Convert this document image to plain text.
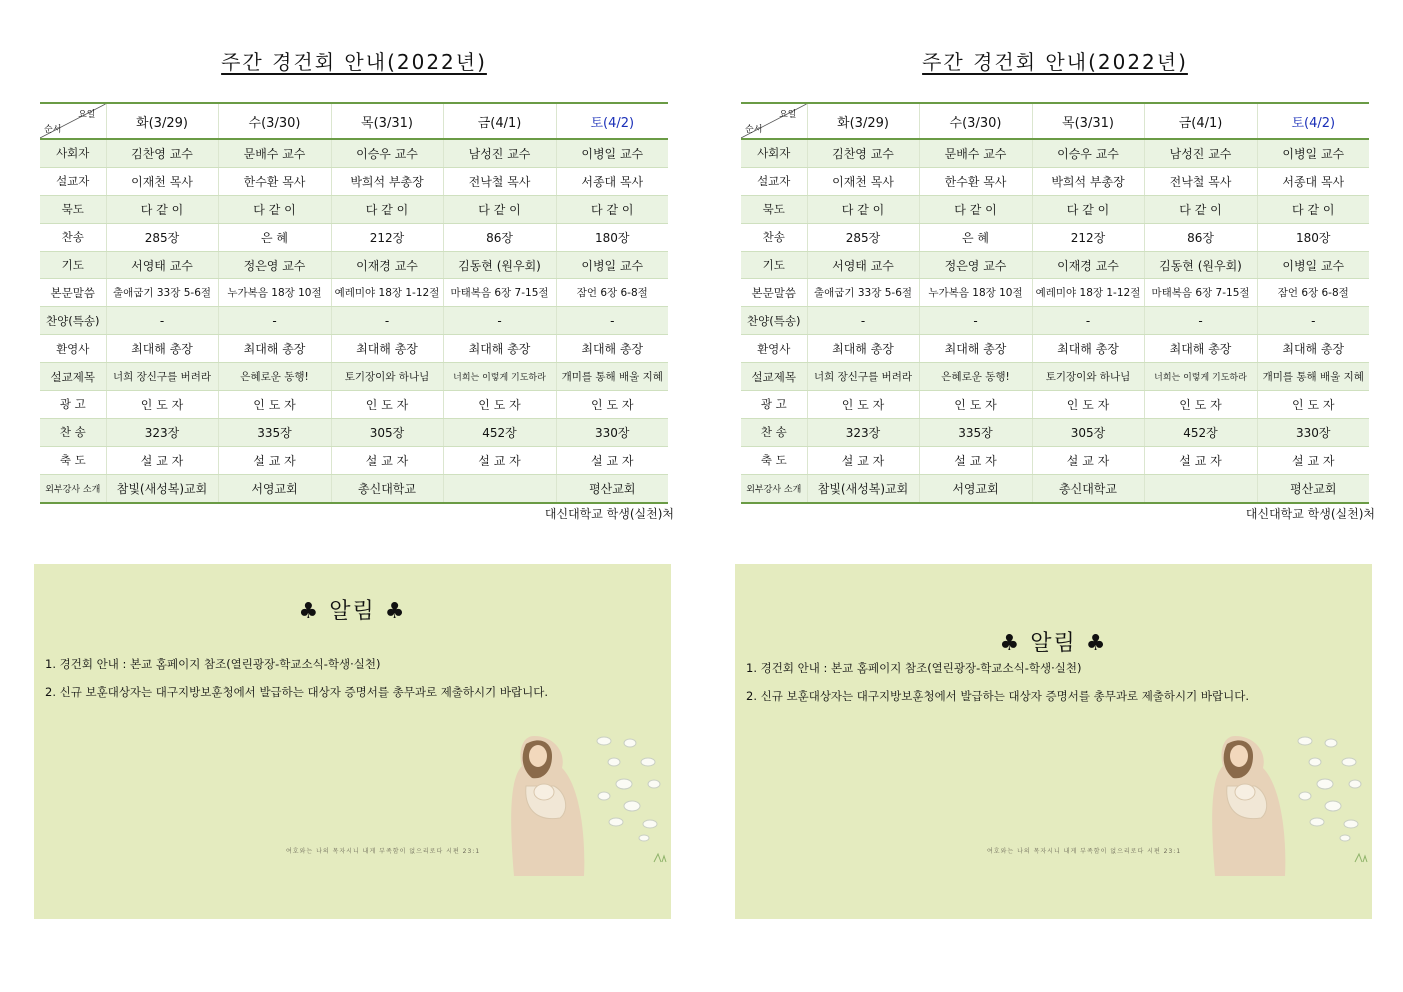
주간 경건회 안내(2022년)
요일
순서	화(3/29)	수(3/30)	목(3/31)	금(4/1)	토(4/2)
사회자	김찬영 교수	문배수 교수	이승우 교수	남성진 교수	이병일 교수
설교자	이재천 목사	한수환 목사	박희석 부총장	전낙철 목사	서종대 목사
묵도	다 같 이	다 같 이	다 같 이	다 같 이	다 같 이
찬송	285장	은 혜	212장	86장	180장
기도	서영태 교수	정은영 교수	이재경 교수	김동현 (원우회)	이병일 교수
본문말씀	출애굽기 33장 5-6절	누가복음 18장 10절	예레미야 18장 1-12절	마태복음 6장 7-15절	잠언 6장 6-8절
찬양(특송)	-	-	-	-	-
환영사	최대해 총장	최대해 총장	최대해 총장	최대해 총장	최대해 총장
설교제목	너희 장신구를 버려라	은혜로운 동행!	토기장이와 하나님	너희는 이렇게 기도하라	개미를 통해 배울 지혜
광 고	인 도 자	인 도 자	인 도 자	인 도 자	인 도 자
찬 송	323장	335장	305장	452장	330장
축 도	설 교 자	설 교 자	설 교 자	설 교 자	설 교 자
외부강사 소개	참빛(새성복)교회	서영교회	총신대학교		평산교회
대신대학교 학생(실천)처
♣ 알림 ♣
1. 경건회 안내 : 본교 홈페이지 참조(열린광장-학교소식-학생·실천)
2. 신규 보훈대상자는 대구지방보훈청에서 발급하는 대상자 증명서를 총무과로 제출하시기 바랍니다.
여호와는 나의 목자시니 내게 부족함이 없으리로다 시편 23:1
주간 경건회 안내(2022년)
요일
순서	화(3/29)	수(3/30)	목(3/31)	금(4/1)	토(4/2)
사회자	김찬영 교수	문배수 교수	이승우 교수	남성진 교수	이병일 교수
설교자	이재천 목사	한수환 목사	박희석 부총장	전낙철 목사	서종대 목사
묵도	다 같 이	다 같 이	다 같 이	다 같 이	다 같 이
찬송	285장	은 혜	212장	86장	180장
기도	서영태 교수	정은영 교수	이재경 교수	김동현 (원우회)	이병일 교수
본문말씀	출애굽기 33장 5-6절	누가복음 18장 10절	예레미야 18장 1-12절	마태복음 6장 7-15절	잠언 6장 6-8절
찬양(특송)	-	-	-	-	-
환영사	최대해 총장	최대해 총장	최대해 총장	최대해 총장	최대해 총장
설교제목	너희 장신구를 버려라	은혜로운 동행!	토기장이와 하나님	너희는 이렇게 기도하라	개미를 통해 배울 지혜
광 고	인 도 자	인 도 자	인 도 자	인 도 자	인 도 자
찬 송	323장	335장	305장	452장	330장
축 도	설 교 자	설 교 자	설 교 자	설 교 자	설 교 자
외부강사 소개	참빛(새성복)교회	서영교회	총신대학교		평산교회
대신대학교 학생(실천)처
♣ 알림 ♣
1. 경건회 안내 : 본교 홈페이지 참조(열린광장-학교소식-학생·실천)
2. 신규 보훈대상자는 대구지방보훈청에서 발급하는 대상자 증명서를 총무과로 제출하시기 바랍니다.
여호와는 나의 목자시니 내게 부족함이 없으리로다 시편 23:1
